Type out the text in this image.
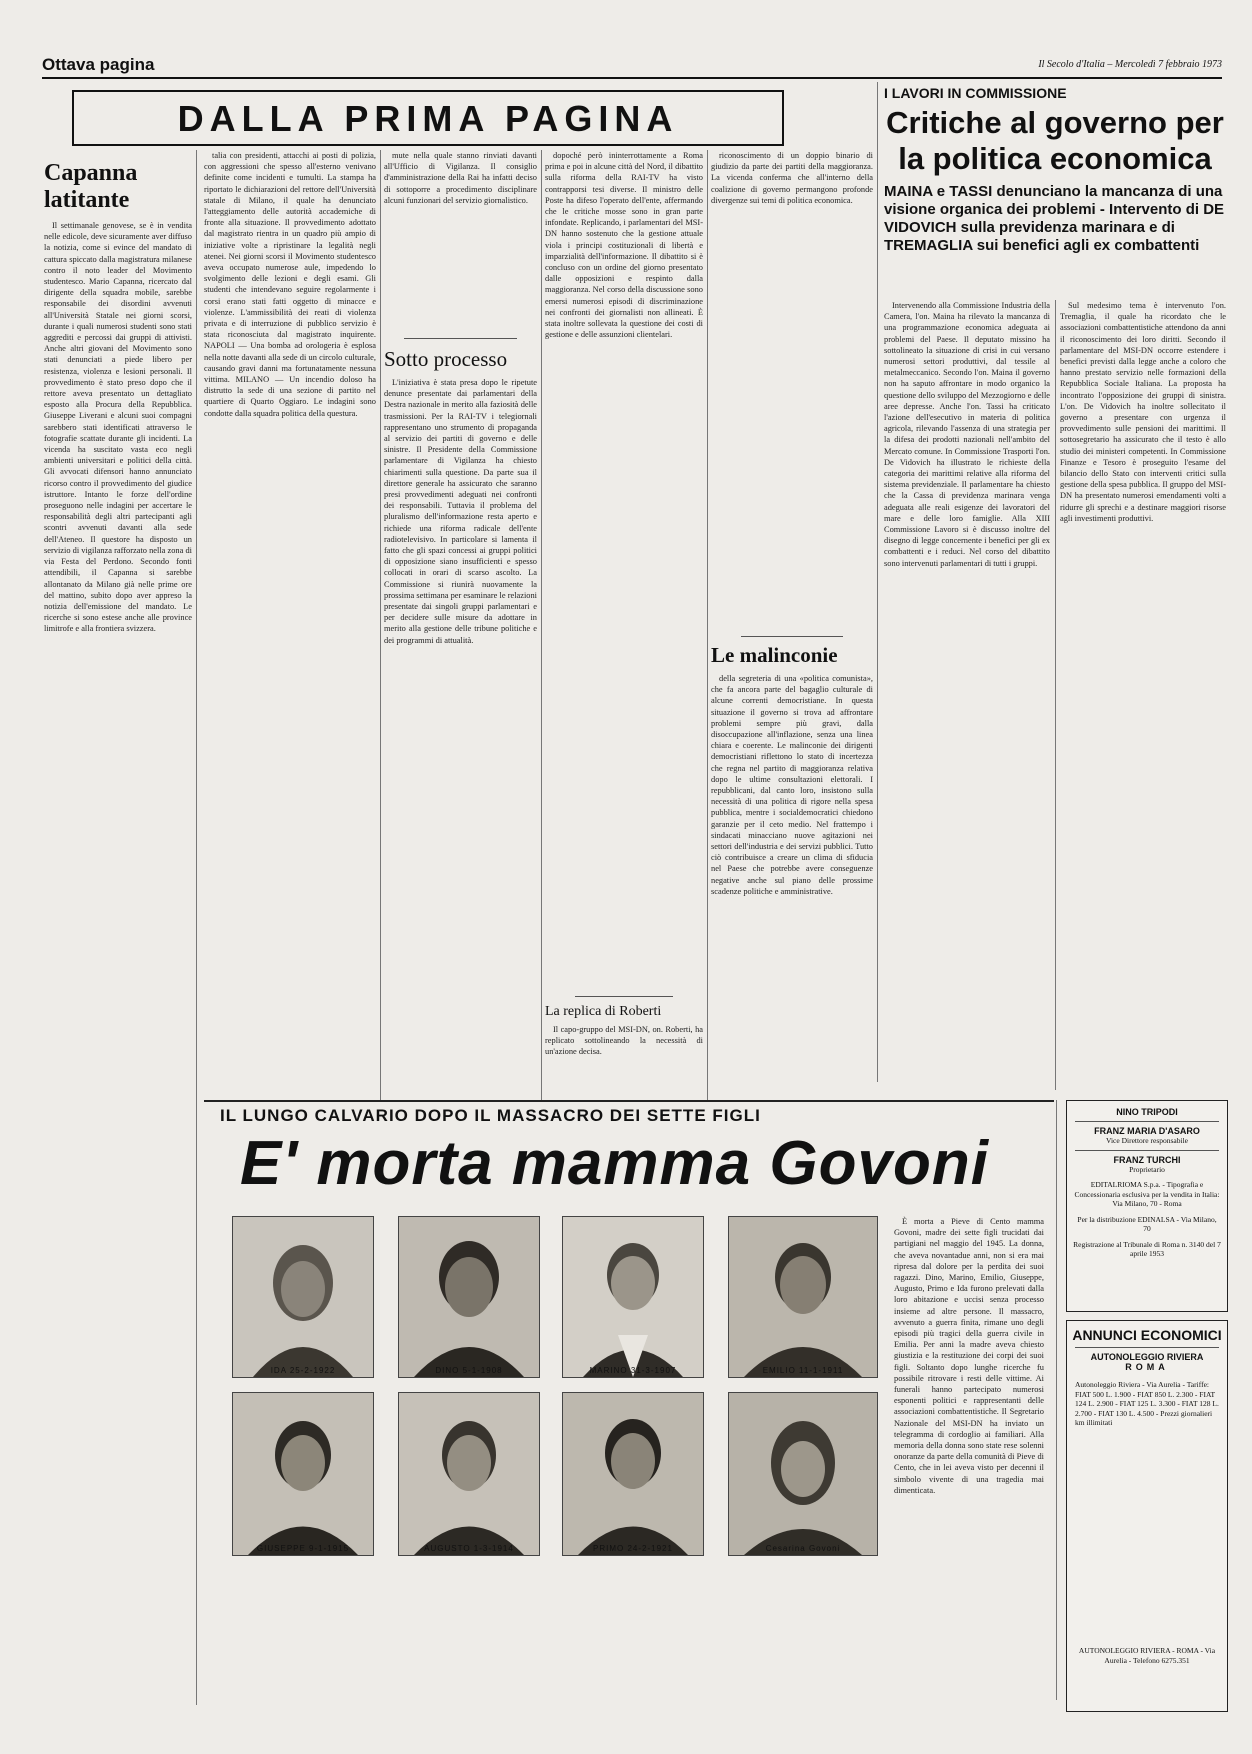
Ottava pagina	Il Secolo d'Italia – Mercoledì 7 febbraio 1973
DALLA PRIMA PAGINA
Capanna latitante

Il settimanale genovese, se è in vendita nelle edicole, deve sicuramente aver diffuso la notizia, come si evince del mandato di cattura spiccato dalla magistratura milanese contro il noto leader del Movimento studentesco. Mario Capanna, ricercato dal dirigente della squadra mobile, sarebbe responsabile dei disordini avvenuti all'Università Statale nei giorni scorsi, durante i quali numerosi studenti sono stati aggrediti e percossi dai gruppi di attivisti. Anche altri giovani del Movimento sono stati denunciati a piede libero per resistenza, violenza e lesioni personali. Il provvedimento è stato preso dopo che il rettore aveva presentato un dettagliato esposto alla Procura della Repubblica. Giuseppe Liverani e alcuni suoi compagni sarebbero stati identificati attraverso le fotografie scattate durante gli incidenti. La vicenda ha suscitato vasta eco negli ambienti universitari e politici della città. Gli avvocati difensori hanno annunciato ricorso contro il provvedimento del giudice istruttore. Intanto le forze dell'ordine proseguono nelle indagini per accertare le responsabilità degli altri partecipanti agli scontri avvenuti davanti alla sede dell'Ateneo. Il questore ha disposto un servizio di vigilanza rafforzato nella zona di via Festa del Perdono. Secondo fonti attendibili, il Capanna si sarebbe allontanato da Milano già nelle prime ore del mattino, subito dopo aver appreso la notizia dell'emissione del mandato. Le ricerche si sono estese anche alle province limitrofe e alla frontiera svizzera.

talia con presidenti, attacchi ai posti di polizia, con aggressioni che spesso all'esterno venivano definite come incidenti e tumulti. La stampa ha riportato le dichiarazioni del rettore dell'Università statale di Milano, il quale ha denunciato l'atteggiamento delle autorità accademiche di fronte alla situazione. Il provvedimento adottato dal magistrato rientra in un quadro più ampio di iniziative volte a ripristinare la legalità negli atenei. Nei giorni scorsi il Movimento studentesco aveva occupato numerose aule, impedendo lo svolgimento delle lezioni e degli esami. Gli studenti che intendevano seguire regolarmente i corsi erano stati fatti oggetto di minacce e violenze. L'ammissibilità dei reati di violenza privata e di interruzione di pubblico servizio è stata riconosciuta dal magistrato inquirente. NAPOLI — Una bomba ad orologeria è esplosa nella notte davanti alla sede di un circolo culturale, causando gravi danni ma fortunatamente nessuna vittima. MILANO — Un incendio doloso ha distrutto la sede di una sezione di partito nel quartiere di Quarto Oggiaro. Le indagini sono condotte dalla squadra politica della questura.

mute nella quale stanno rinviati davanti all'Ufficio di Vigilanza. Il consiglio d'amministrazione della Rai ha infatti deciso di sottoporre a procedimento disciplinare alcuni funzionari del servizio giornalistico.

Sotto processo

L'iniziativa è stata presa dopo le ripetute denunce presentate dai parlamentari della Destra nazionale in merito alla faziosità delle trasmissioni. Per la RAI-TV i telegiornali rappresentano uno strumento di propaganda al servizio dei partiti di governo e delle sinistre. Il Presidente della Commissione parlamentare di Vigilanza ha chiesto chiarimenti sulla questione. Da parte sua il direttore generale ha assicurato che saranno presi provvedimenti adeguati nei confronti dei responsabili. Tuttavia il problema del pluralismo dell'informazione resta aperto e richiede una riforma radicale dell'ente radiotelevisivo. In particolare si lamenta il fatto che gli spazi concessi ai gruppi politici di opposizione siano insufficienti e spesso collocati in orari di scarso ascolto. La Commissione si riunirà nuovamente la prossima settimana per esaminare le relazioni presentate dai singoli gruppi parlamentari e per decidere sulle misure da adottare in merito alla gestione delle tribune politiche e dei programmi di attualità.

dopoché però ininterrottamente a Roma prima e poi in alcune città del Nord, il dibattito sulla riforma della RAI-TV ha visto contrapporsi tesi diverse. Il ministro delle Poste ha difeso l'operato dell'ente, affermando che le critiche mosse sono in gran parte infondate. Replicando, i parlamentari del MSI-DN hanno sostenuto che la gestione attuale viola i principi costituzionali di libertà e imparzialità dell'informazione. Il dibattito si è concluso con un ordine del giorno presentato dalle opposizioni e respinto dalla maggioranza. Nel corso della discussione sono emersi numerosi episodi di discriminazione nei confronti dei giornalisti non allineati. È stata inoltre sollevata la questione dei costi di gestione e delle assunzioni clientelari.

La replica di Roberti

Il capo-gruppo del MSI-DN, on. Roberti, ha replicato sottolineando la necessità di un'azione decisa.

riconoscimento di un doppio binario di giudizio da parte dei partiti della maggioranza. La vicenda conferma che all'interno della coalizione di governo permangono profonde divergenze sui temi di politica economica.

Le malinconie

della segreteria di una «politica comunista», che fa ancora parte del bagaglio culturale di alcune correnti democristiane. In questa situazione il governo si trova ad affrontare problemi sempre più gravi, dalla disoccupazione all'inflazione, senza una linea chiara e coerente. Le malinconie dei dirigenti democristiani riflettono lo stato di incertezza che regna nel partito di maggioranza relativa dopo le ultime consultazioni elettorali. I repubblicani, dal canto loro, insistono sulla necessità di una politica di rigore nella spesa pubblica, mentre i socialdemocratici chiedono garanzie per il ceto medio. Nel frattempo i sindacati minacciano nuove agitazioni nei settori dell'industria e dei servizi pubblici. Tutto ciò contribuisce a creare un clima di sfiducia nel Paese che potrebbe avere conseguenze negative anche sul piano delle prossime scadenze politiche e amministrative.

I LAVORI IN COMMISSIONE
Critiche al governo per la politica economica
MAINA e TASSI denunciano la mancanza di una visione organica dei problemi - Intervento di DE VIDOVICH sulla previdenza marinara e di TREMAGLIA sui benefici agli ex combattenti

Intervenendo alla Commissione Industria della Camera, l'on. Maina ha rilevato la mancanza di una programmazione economica adeguata ai problemi del Paese. Il deputato missino ha sottolineato la situazione di crisi in cui versano numerosi settori produttivi, dal tessile al metalmeccanico. Secondo l'on. Maina il governo non ha saputo affrontare in modo organico la questione dello sviluppo del Mezzogiorno e delle aree depresse. Anche l'on. Tassi ha criticato l'azione dell'esecutivo in materia di politica agricola, rilevando l'assenza di una strategia per la difesa dei prodotti nazionali nell'ambito del Mercato comune. In Commissione Trasporti l'on. De Vidovich ha illustrato le richieste della categoria dei marittimi relative alla riforma del sistema previdenziale. Il parlamentare ha chiesto che la Cassa di previdenza marinara venga adeguata alle reali esigenze dei lavoratori del mare e delle loro famiglie. Alla XIII Commissione Lavoro si è discusso inoltre del disegno di legge concernente i benefici per gli ex combattenti e i reduci. Nel corso del dibattito sono intervenuti parlamentari di tutti i gruppi.

Sul medesimo tema è intervenuto l'on. Tremaglia, il quale ha ricordato che le associazioni combattentistiche attendono da anni il riconoscimento dei loro diritti. Secondo il parlamentare del MSI-DN occorre estendere i benefici previsti dalla legge anche a coloro che hanno prestato servizio nelle formazioni della Repubblica Sociale Italiana. La proposta ha incontrato l'opposizione dei gruppi di sinistra. L'on. De Vidovich ha inoltre sollecitato il governo a presentare con urgenza il provvedimento sulle pensioni dei marittimi. Il sottosegretario ha assicurato che il testo è allo studio dei ministeri competenti. In Commissione Finanze e Tesoro è proseguito l'esame del bilancio dello Stato con interventi critici sulla gestione della spesa pubblica. Il gruppo del MSI-DN ha presentato numerosi emendamenti volti a ridurre gli sprechi e a destinare maggiori risorse agli investimenti produttivi.

IL LUNGO CALVARIO DOPO IL MASSACRO DEI SETTE FIGLI
E' morta mamma Govoni
IDA 25-2-1922	DINO 5-1-1908	MARINO 31-3-1907	EMILIO 11-1-1911
GIUSEPPE 9-1-1915	AUGUSTO 1-3-1914	PRIMO 24-2-1921	Cesarina Govoni

È morta a Pieve di Cento mamma Govoni, madre dei sette figli trucidati dai partigiani nel maggio del 1945. La donna, che aveva novantadue anni, non si era mai ripresa dal dolore per la perdita dei suoi ragazzi. Dino, Marino, Emilio, Giuseppe, Augusto, Primo e Ida furono prelevati dalla loro abitazione e uccisi senza processo insieme ad altre persone. Il massacro, avvenuto a guerra finita, rimane uno degli episodi più tragici della guerra civile in Emilia. Per anni la madre aveva chiesto giustizia e la restituzione dei corpi dei suoi figli. Soltanto dopo lunghe ricerche fu possibile ritrovare i resti delle vittime. Ai funerali hanno partecipato numerosi esponenti politici e rappresentanti delle associazioni combattentistiche. Il Segretario Nazionale del MSI-DN ha inviato un telegramma di cordoglio ai familiari. Alla memoria della donna sono state rese solenni onoranze da parte della comunità di Pieve di Cento, che in lei aveva visto per decenni il simbolo vivente di una tragedia mai dimenticata.

NINO TRIPODI
FRANZ MARIA D'ASARO
Vice Direttore responsabile
FRANZ TURCHI
Proprietario
EDITALRIOMA S.p.a. - Tipografia e Concessionaria esclusiva per la vendita in Italia: Via Milano, 70 - Roma
Per la distribuzione EDINALSA - Via Milano, 70
Registrazione al Tribunale di Roma n. 3140 del 7 aprile 1953
ANNUNCI ECONOMICI
AUTONOLEGGIO RIVIERA
ROMA
Autonoleggio Riviera - Via Aurelia - Tariffe: FIAT 500 L. 1.900 - FIAT 850 L. 2.300 - FIAT 124 L. 2.900 - FIAT 125 L. 3.300 - FIAT 128 L. 2.700 - FIAT 130 L. 4.500 - Prezzi giornalieri km illimitati
AUTONOLEGGIO RIVIERA - ROMA - Via Aurelia - Telefono 6275.351
